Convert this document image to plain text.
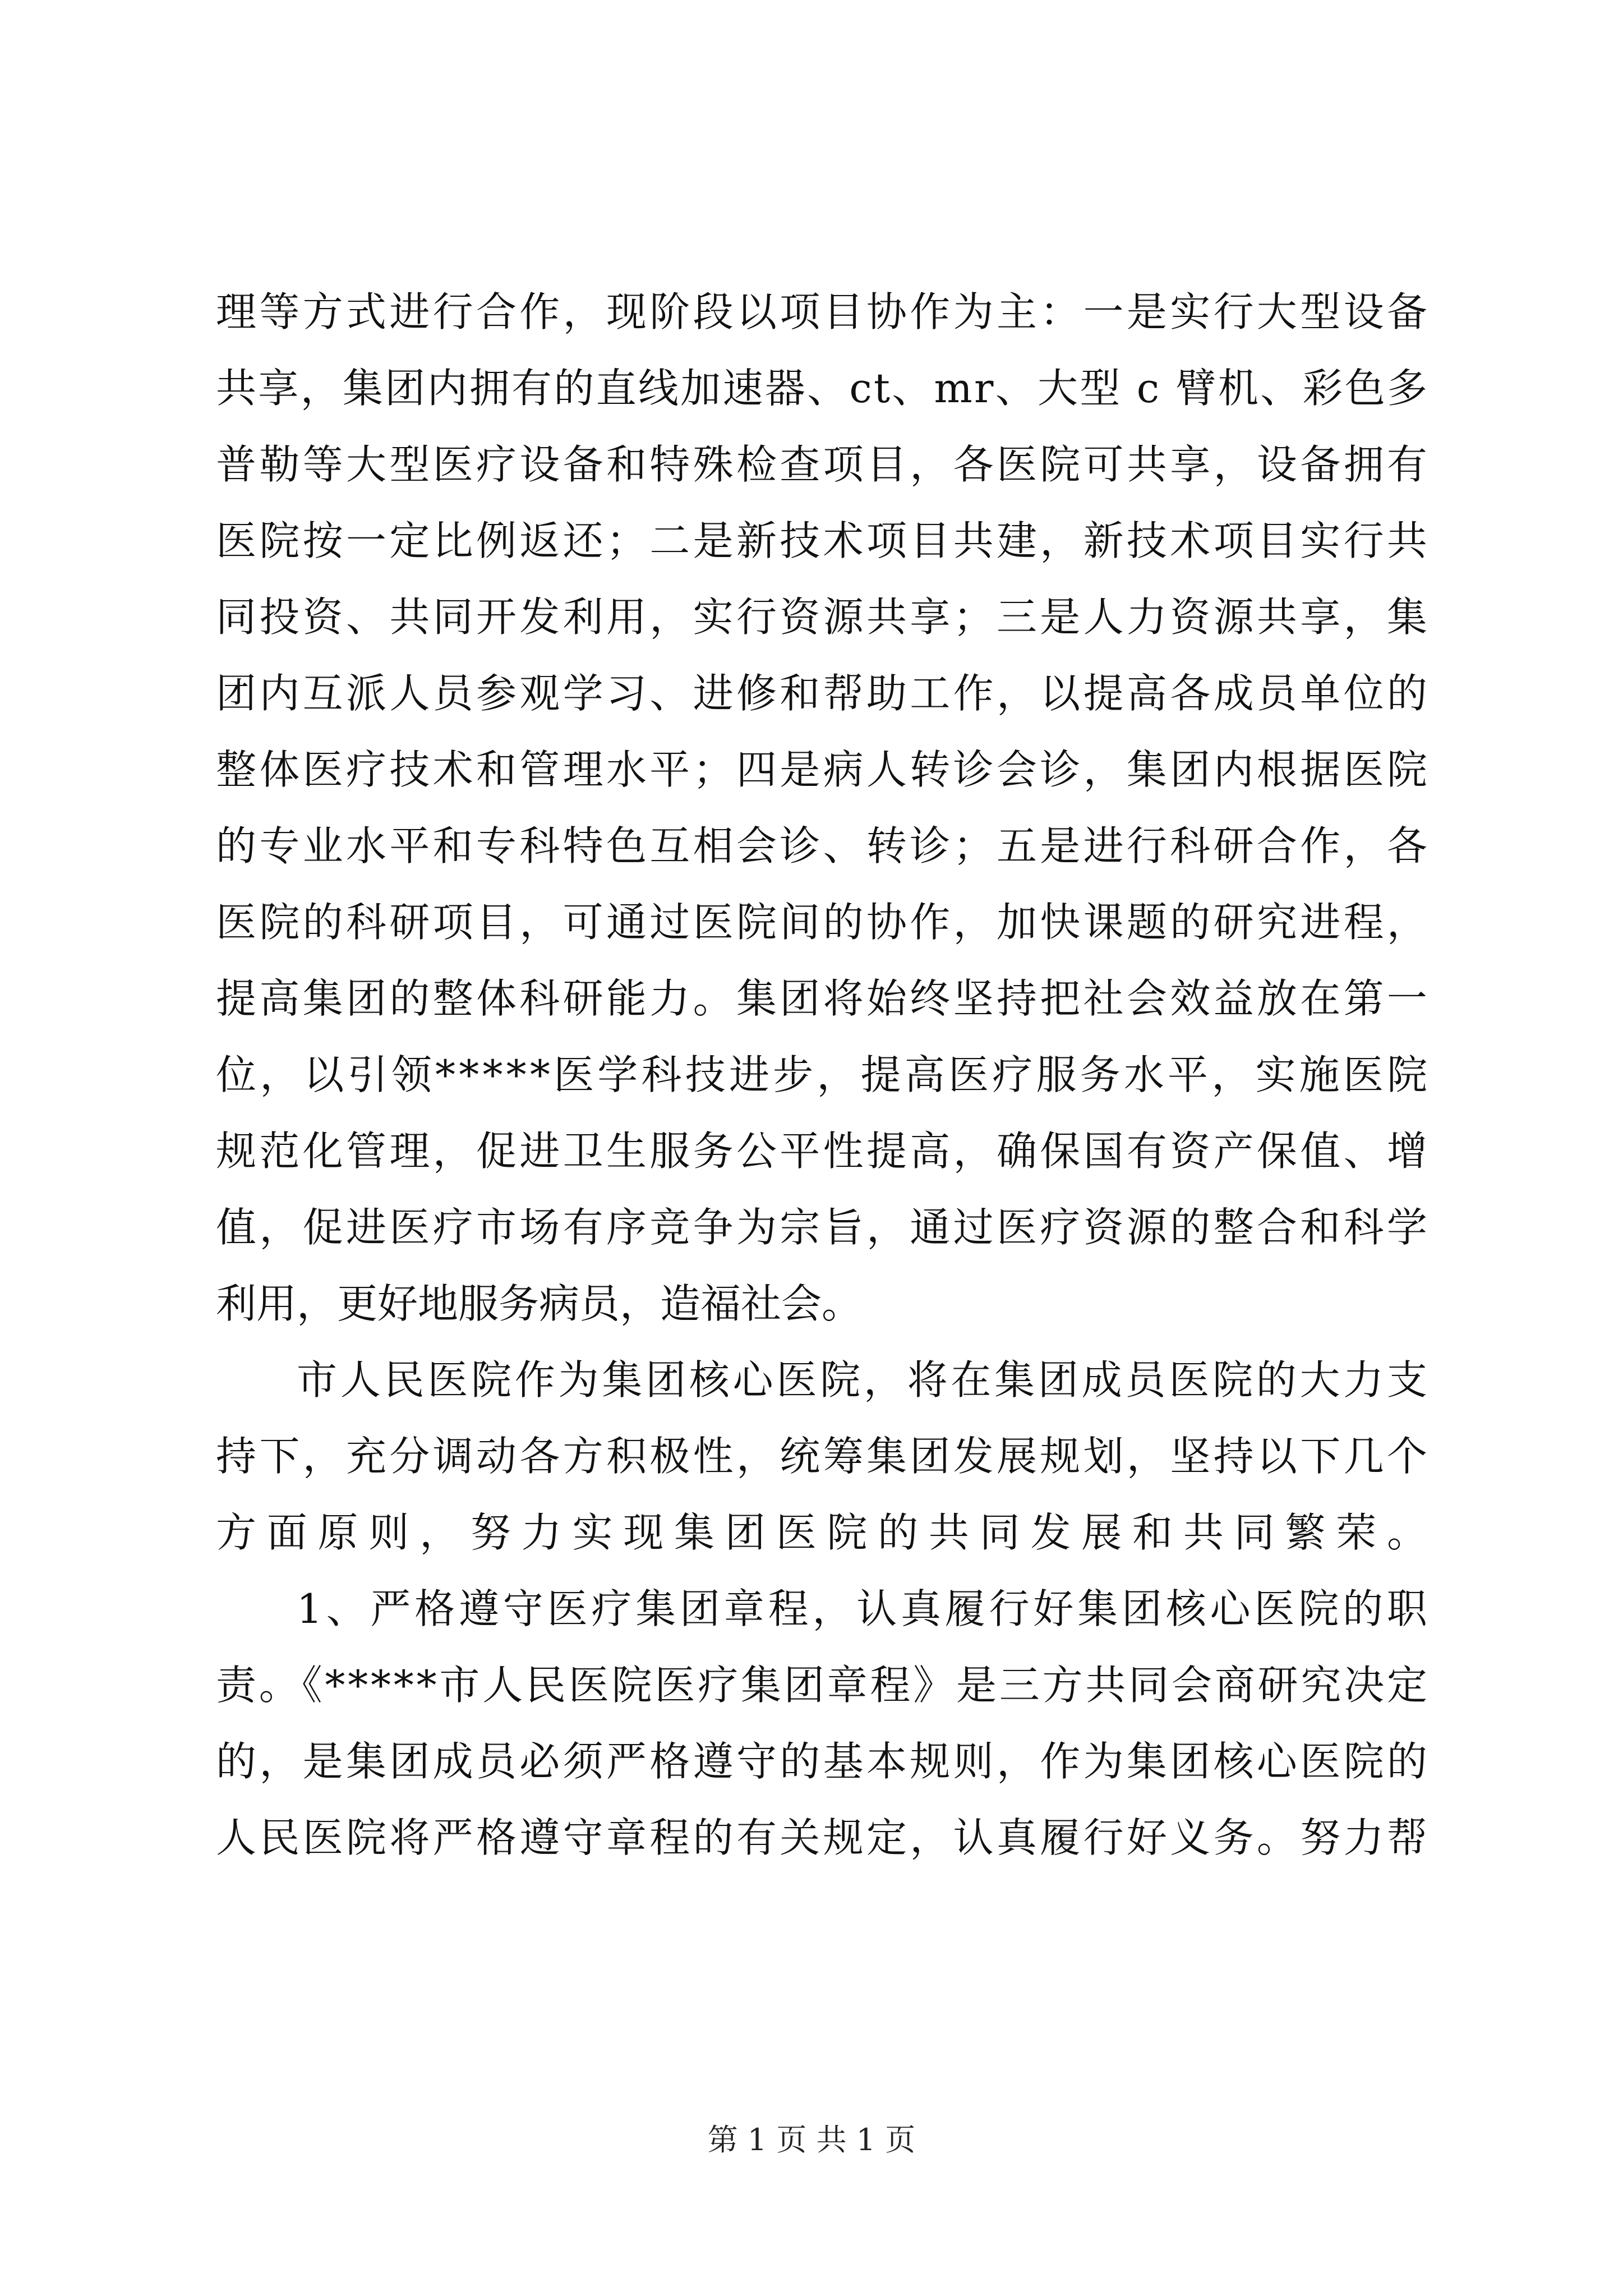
理等方式进行合作，现阶段以项目协作为主：一是实行大型设备
共享，集团内拥有的直线加速器、ct、mr、大型 c 臂机、彩色多
普勒等大型医疗设备和特殊检查项目，各医院可共享，设备拥有
医院按一定比例返还；二是新技术项目共建，新技术项目实行共
同投资、共同开发利用，实行资源共享；三是人力资源共享，集
团内互派人员参观学习、进修和帮助工作，以提高各成员单位的
整体医疗技术和管理水平；四是病人转诊会诊，集团内根据医院
的专业水平和专科特色互相会诊、转诊；五是进行科研合作，各
医院的科研项目，可通过医院间的协作，加快课题的研究进程，
提高集团的整体科研能力。集团将始终坚持把社会效益放在第一
位，以引领*****医学科技进步，提高医疗服务水平，实施医院
规范化管理，促进卫生服务公平性提高，确保国有资产保值、增
值，促进医疗市场有序竞争为宗旨，通过医疗资源的整合和科学
利用，更好地服务病员，造福社会。
市人民医院作为集团核心医院，将在集团成员医院的大力支
持下，充分调动各方积极性，统筹集团发展规划，坚持以下几个
方面原则，努力实现集团医院的共同发展和共同繁荣。
1、严格遵守医疗集团章程，认真履行好集团核心医院的职
责。《*****市人民医院医疗集团章程》是三方共同会商研究决定
的，是集团成员必须严格遵守的基本规则，作为集团核心医院的
人民医院将严格遵守章程的有关规定，认真履行好义务。努力帮
第 1 页 共 1 页
